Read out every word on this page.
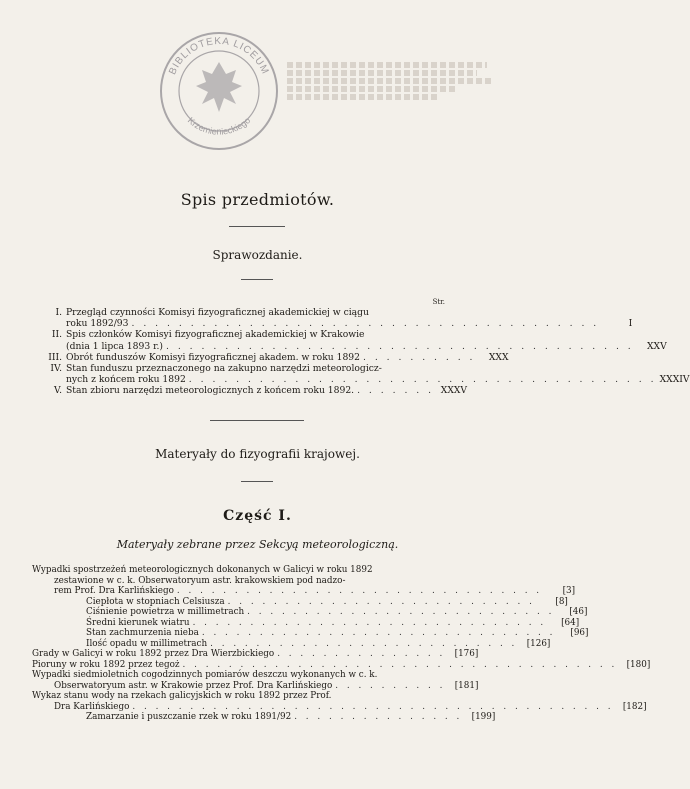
BIBLIOTEKA LICEUM
Krzemienieckiego
Spis przedmiotów.
Sprawozdanie.
Str.
I. Przegląd czynności Komisyi fizyograficznej akademickiej w ciągu
roku 1892/93 . . . . . . . . . . . . . . . . . . . . . . . . . . . . . . . . . . . . . . . .	I
II. Spis członków Komisyi fizyograficznej akademickiej w Krakowie
(dnia 1 lipca 1893 r.) . . . . . . . . . . . . . . . . . . . . . . . . . . . . . . . . . . . . . . . .	XXV
III. Obrót funduszów Komisyi fizyograficznej akadem. w roku 1892 . . . . . . . . . .	XXX
IV. Stan funduszu przeznaczonego na zakupno narzędzi meteorologicz-
nych z końcem roku 1892 . . . . . . . . . . . . . . . . . . . . . . . . . . . . . . . . . . . . . . . . XXXIV
V. Stan zbioru narzędzi meteorologicznych z końcem roku 1892. . . . . . . . XXXV
Materyały do fizyografii krajowej.
Część I.
Materyały zebrane przez Sekcyą meteorologiczną.
Wypadki spostrzeżeń meteorologicznych dokonanych w Galicyi w roku 1892
zestawione w c. k. Obserwatoryum astr. krakowskiem pod nadzo-
rem Prof. Dra Karlińskiego . . . . . . . . . . . . . . . . . . . . . . . . . . . . . . . .	[3]
Ciepłota w stopniach Celsiusza . . . . . . . . . . . . . . . . . . . . . . . . . . .	[8]
Ciśnienie powietrza w millimetrach . . . . . . . . . . . . . . . . . . . . . . . . . . .	[46]
Średni kierunek wiatru . . . . . . . . . . . . . . . . . . . . . . . . . . . . . . .	[64]
Stan zachmurzenia nieba . . . . . . . . . . . . . . . . . . . . . . . . . . . . . . .	[96]
Ilość opadu w millimetrach . . . . . . . . . . . . . . . . . . . . . . . . . . .	[126]
Grady w Galicyi w roku 1892 przez Dra Wierzbickiego . . . . . . . . . . . . . . .	[176]
Pioruny w roku 1892 przez tegoż . . . . . . . . . . . . . . . . . . . . . . . . . . . . . . . . . . . . . .	[180]
Wypadki siedmioletnich cogodzinnych pomiarów deszczu wykonanych w c. k.
Obserwatoryum astr. w Krakowie przez Prof. Dra Karlińskiego . . . . . . . . . .	[181]
Wykaz stanu wody na rzekach galicyjskich w roku 1892 przez Prof.
Dra Karlińskiego . . . . . . . . . . . . . . . . . . . . . . . . . . . . . . . . . . . . . . . . . .	[182]
Zamarzanie i puszczanie rzek w roku 1891/92 . . . . . . . . . . . . . . .	[199]
